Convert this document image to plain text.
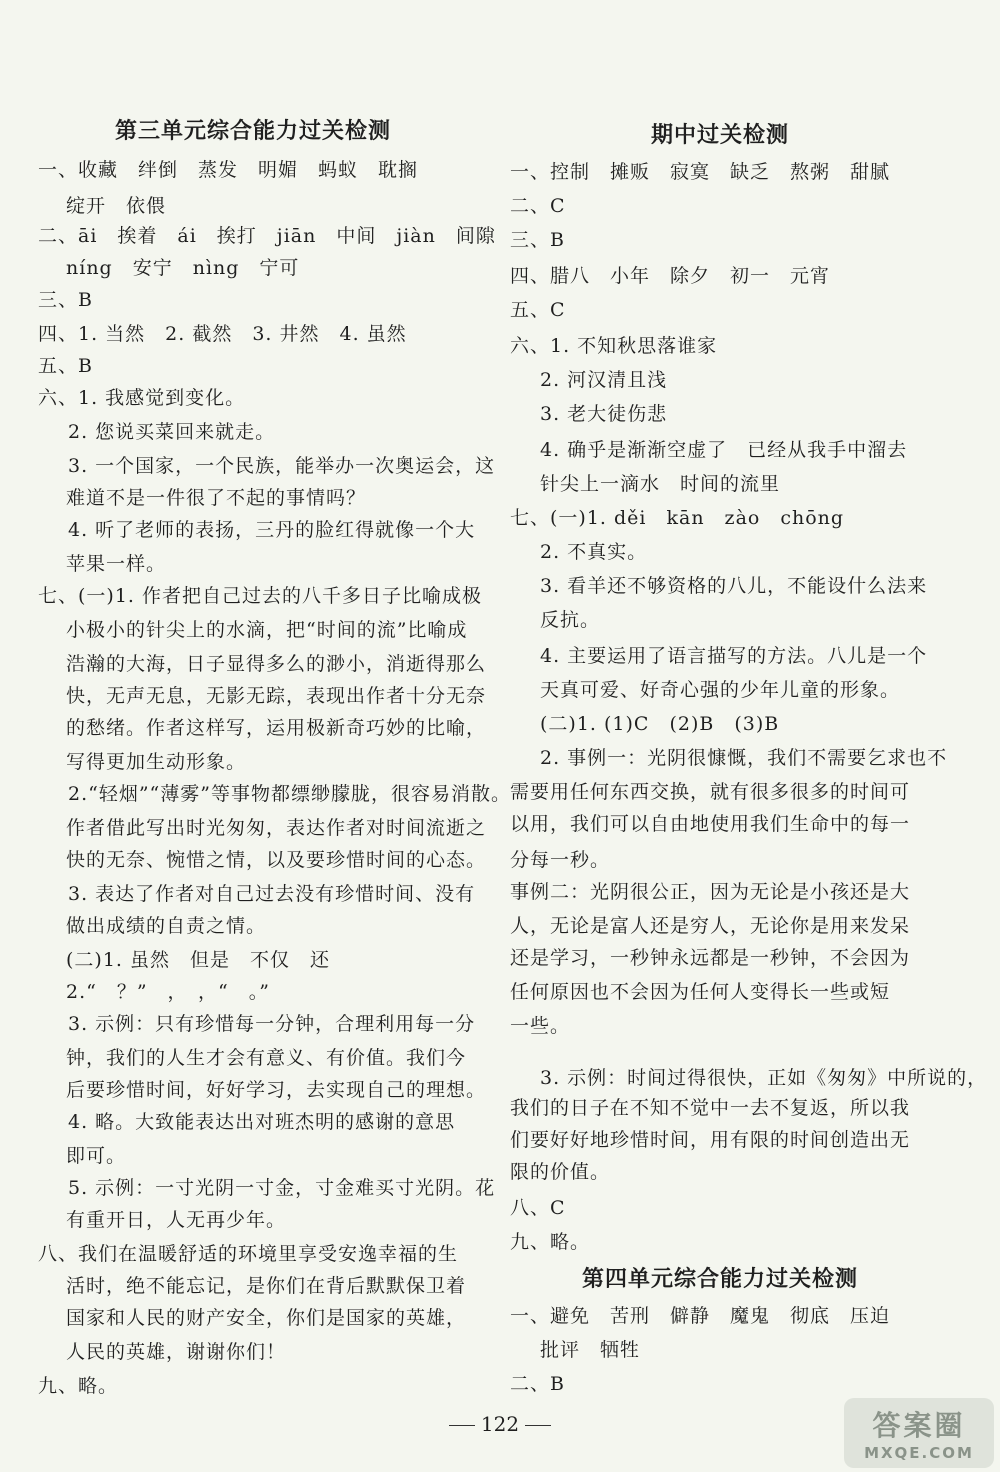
第三单元综合能力过关检测
一、收藏　绊倒　蒸发　明媚　蚂蚁　耽搁
绽开　依偎
二、āi　挨着　ái　挨打　jiān　中间　jiàn　间隙
níng　安宁　nìng　宁可
三、B
四、1. 当然　2. 截然　3. 井然　4. 虽然
五、B
六、1. 我感觉到变化。
2. 您说买菜回来就走。
3. 一个国家，一个民族，能举办一次奥运会，这
难道不是一件很了不起的事情吗？
4. 听了老师的表扬，三丹的脸红得就像一个大
苹果一样。
七、(一)1. 作者把自己过去的八千多日子比喻成极
小极小的针尖上的水滴，把“时间的流”比喻成
浩瀚的大海，日子显得多么的渺小，消逝得那么
快，无声无息，无影无踪，表现出作者十分无奈
的愁绪。作者这样写，运用极新奇巧妙的比喻，
写得更加生动形象。
2.“轻烟”“薄雾”等事物都缥缈朦胧，很容易消散。
作者借此写出时光匆匆，表达作者对时间流逝之
快的无奈、惋惜之情，以及要珍惜时间的心态。
3. 表达了作者对自己过去没有珍惜时间、没有
做出成绩的自责之情。
(二)1. 虽然　但是　不仅　还
2.“　？”　，　，“　。”
3. 示例：只有珍惜每一分钟，合理利用每一分
钟，我们的人生才会有意义、有价值。我们今
后要珍惜时间，好好学习，去实现自己的理想。
4. 略。大致能表达出对班杰明的感谢的意思
即可。
5. 示例：一寸光阴一寸金，寸金难买寸光阴。花
有重开日，人无再少年。
八、我们在温暖舒适的环境里享受安逸幸福的生
活时，绝不能忘记，是你们在背后默默保卫着
国家和人民的财产安全，你们是国家的英雄，
人民的英雄，谢谢你们！
九、略。
期中过关检测
一、控制　摊贩　寂寞　缺乏　熬粥　甜腻
二、C
三、B
四、腊八　小年　除夕　初一　元宵
五、C
六、1. 不知秋思落谁家
2. 河汉清且浅
3. 老大徒伤悲
4. 确乎是渐渐空虚了　已经从我手中溜去
针尖上一滴水　时间的流里
七、(一)1. děi　kān　zào　chōng
2. 不真实。
3. 看羊还不够资格的八儿，不能设什么法来
反抗。
4. 主要运用了语言描写的方法。八儿是一个
天真可爱、好奇心强的少年儿童的形象。
(二)1. (1)C　(2)B　(3)B
2. 事例一：光阴很慷慨，我们不需要乞求也不
需要用任何东西交换，就有很多很多的时间可
以用，我们可以自由地使用我们生命中的每一
分每一秒。
事例二：光阴很公正，因为无论是小孩还是大
人，无论是富人还是穷人，无论你是用来发呆
还是学习，一秒钟永远都是一秒钟，不会因为
任何原因也不会因为任何人变得长一些或短
一些。
3. 示例：时间过得很快，正如《匆匆》中所说的，
我们的日子在不知不觉中一去不复返，所以我
们要好好地珍惜时间，用有限的时间创造出无
限的价值。
八、C
九、略。
第四单元综合能力过关检测
一、避免　苦刑　僻静　魔鬼　彻底　压迫
批评　牺牲
二、B
122	答案圈
MXQE.COM
